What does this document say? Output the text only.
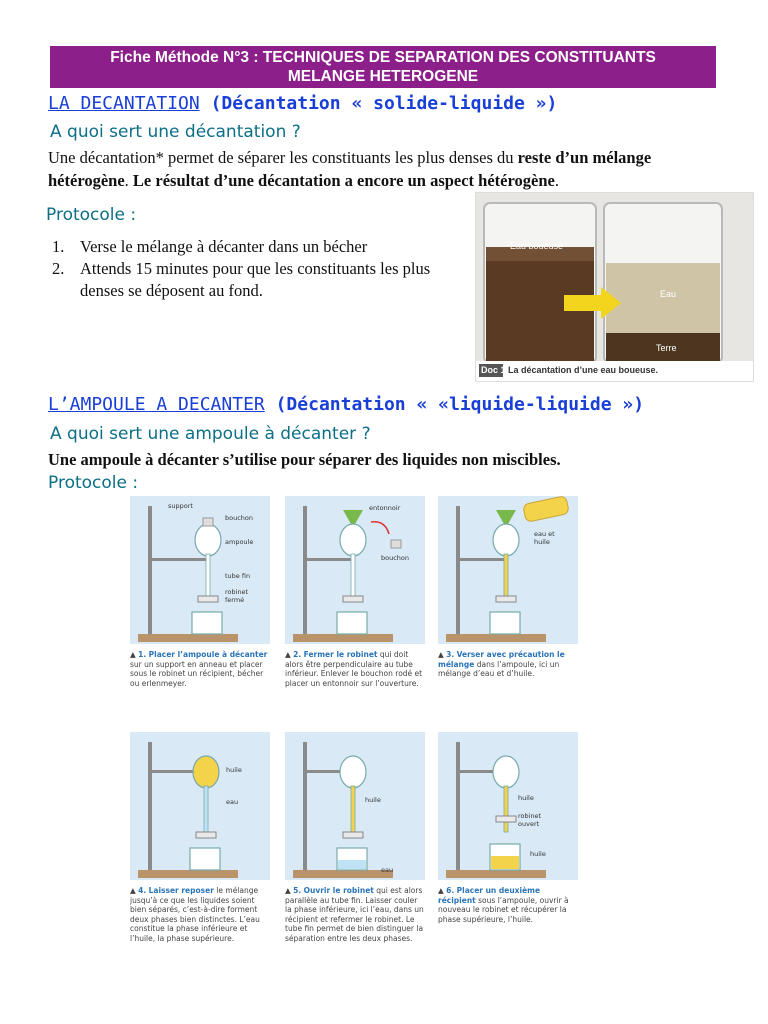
Fiche Méthode N°3 : TECHNIQUES DE SEPARATION DES CONSTITUANTS
MELANGE HETEROGENE
LA DECANTATION (Décantation « solide-liquide »)
A quoi sert une décantation ?
Une décantation* permet de séparer les constituants les plus denses du reste d’un mélange hétérogène. Le résultat d’une décantation a encore un aspect hétérogène.
Protocole :
1. Verse le mélange à décanter dans un bécher
2. Attends 15 minutes pour que les constituants les plus denses se déposent au fond.
Eau boueuse
Eau
Terre
Doc 1 La décantation d’une eau boueuse.
L’AMPOULE A DECANTER (Décantation « «liquide-liquide »)
A quoi sert une ampoule à décanter ?
Une ampoule à décanter s’utilise pour séparer des liquides non miscibles.
Protocole :
support
bouchon
ampoule
tube fin
robinet
fermé
▲ 1. Placer l’ampoule à décanter sur un support en anneau et placer sous le robinet un récipient, bécher ou erlenmeyer.
entonnoir
bouchon
▲ 2. Fermer le robinet qui doit alors être perpendiculaire au tube inférieur. Enlever le bouchon rodé et placer un entonnoir sur l’ouverture.
eau et
huile
▲ 3. Verser avec précaution le mélange dans l’ampoule, ici un mélange d’eau et d’huile.
huile
eau
▲ 4. Laisser reposer le mélange jusqu’à ce que les liquides soient bien séparés, c’est-à-dire forment deux phases bien distinctes. L’eau constitue la phase inférieure et l’huile, la phase supérieure.
huile
eau
▲ 5. Ouvrir le robinet qui est alors parallèle au tube fin. Laisser couler la phase inférieure, ici l’eau, dans un récipient et refermer le robinet. Le tube fin permet de bien distinguer la séparation entre les deux phases.
huile
robinet
ouvert
huile
▲ 6. Placer un deuxième récipient sous l’ampoule, ouvrir à nouveau le robinet et récupérer la phase supérieure, l’huile.
